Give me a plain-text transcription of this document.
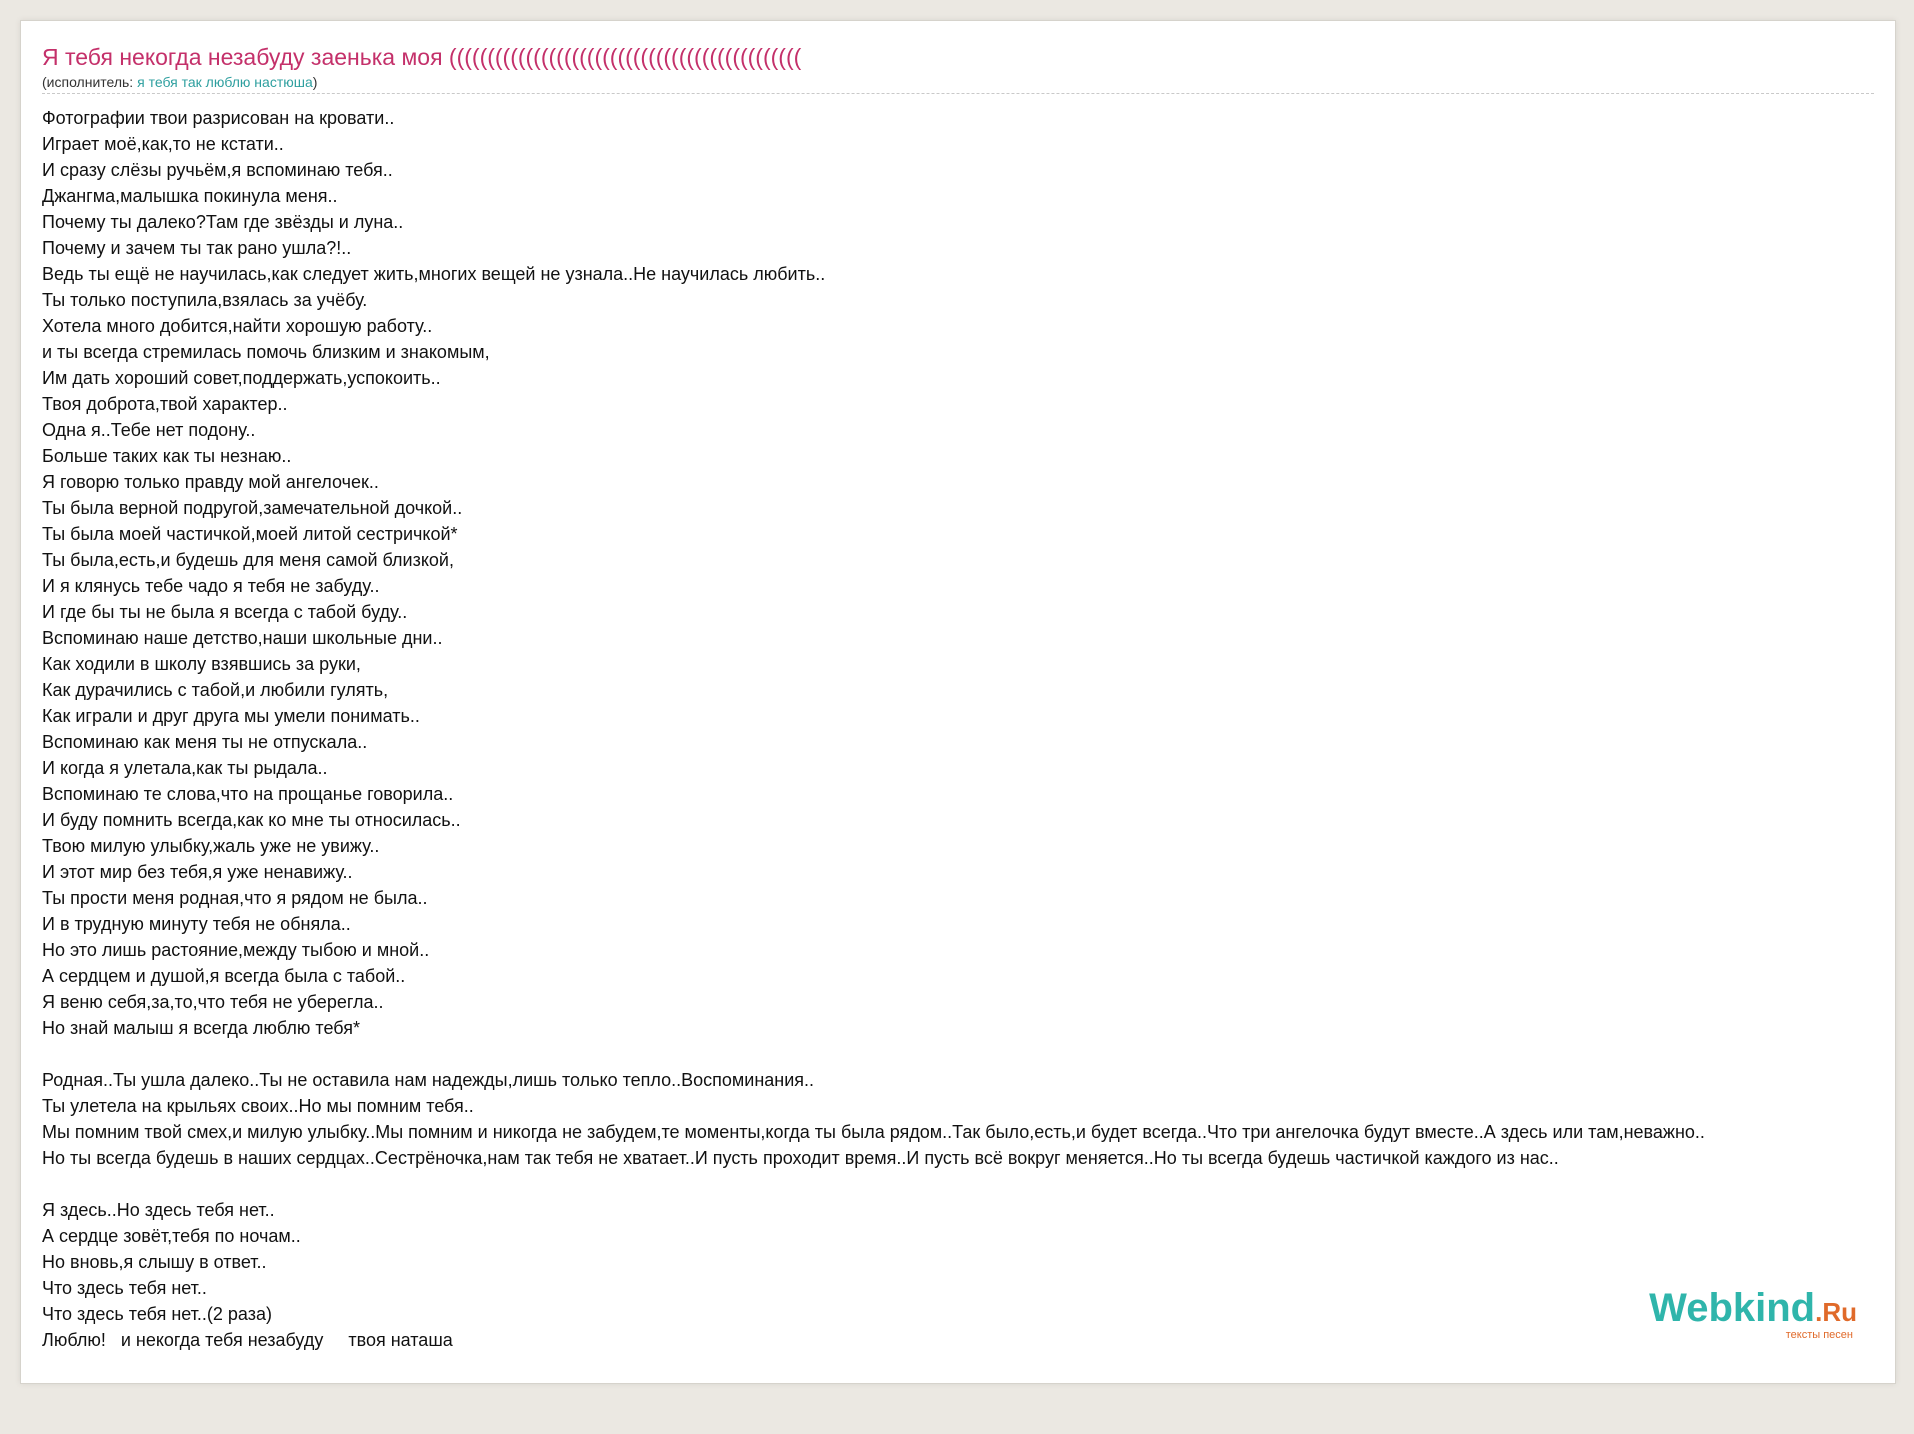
Я тебя некогда незабуду заенька моя ((((((((((((((((((((((((((((((((((((((((((((((
(исполнитель: я тебя так люблю настюша)
Фотографии твои разрисован на кровати..
Играет моё,как,то не кстати..
И сразу слёзы ручьём,я вспоминаю тебя..
Джангма,малышка покинула меня..
Почему ты далеко?Там где звёзды и луна..
Почему и зачем ты так рано ушла?!..
Ведь ты ещё не научилась,как следует жить,многих вещей не узнала..Не научилась любить..
Ты только поступила,взялась за учёбу.
Хотела много добится,найти хорошую работу..
и ты всегда стремилась помочь близким и знакомым,
Им дать хороший совет,поддержать,успокоить..
Твоя доброта,твой характер..
Одна я..Тебе нет подону..
Больше таких как ты незнаю..
Я говорю только правду мой ангелочек..
Ты была верной подругой,замечательной дочкой..
Ты была моей частичкой,моей литой сестричкой*
Ты была,есть,и будешь для меня самой близкой,
И я клянусь тебе чадо я тебя не забуду..
И где бы ты не была я всегда с табой буду..
Вспоминаю наше детство,наши школьные дни..
Как ходили в школу взявшись за руки,
Как дурачились с табой,и любили гулять,
Как играли и друг друга мы умели понимать..
Вспоминаю как меня ты не отпускала..
И когда я улетала,как ты рыдала..
Вспоминаю те слова,что на прощанье говорила..
И буду помнить всегда,как ко мне ты относилась..
Твою милую улыбку,жаль уже не увижу..
И этот мир без тебя,я уже ненавижу..
Ты прости меня родная,что я рядом не была..
И в трудную минуту тебя не обняла..
Но это лишь растояние,между тыбою и мной..
А сердцем и душой,я всегда была с табой..
Я веню себя,за,то,что тебя не уберегла..
Но знай малыш я всегда люблю тебя*

Родная..Ты ушла далеко..Ты не оставила нам надежды,лишь только тепло..Воспоминания..
Ты улетела на крыльях своих..Но мы помним тебя..
Мы помним твой смех,и милую улыбку..Мы помним и никогда не забудем,те моменты,когда ты была рядом..Так было,есть,и будет всегда..Что три ангелочка будут вместе..А здесь или там,неважно..
Но ты всегда будешь в наших сердцах..Сестрёночка,нам так тебя не хватает..И пусть проходит время..И пусть всё вокруг меняется..Но ты всегда будешь частичкой каждого из нас..

Я здесь..Но здесь тебя нет..
А сердце зовёт,тебя по ночам..
Но вновь,я слышу в ответ..
Что здесь тебя нет..
Что здесь тебя нет..(2 раза)
Люблю!   и некогда тебя незабуду     твоя наташа
Webkind.Ru
тексты песен
